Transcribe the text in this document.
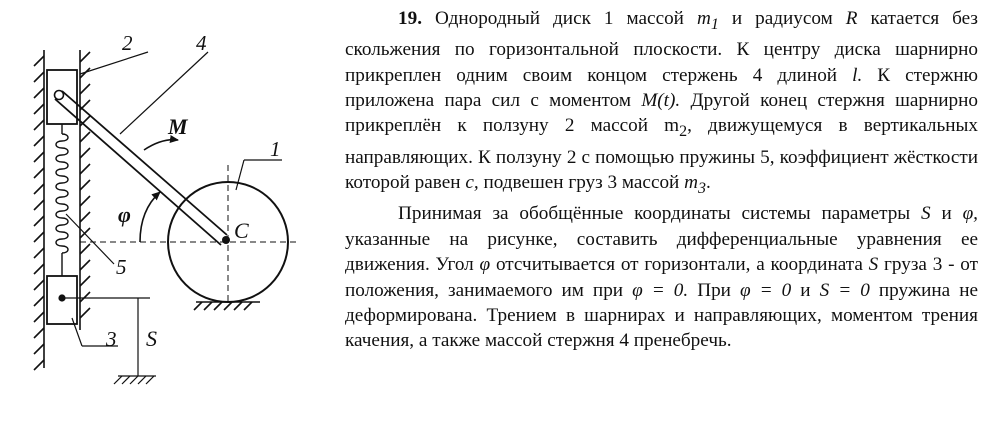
2	4
1
M
φ
C
5
3 S

19. Однородный диск 1 массой $m_1$ и радиусом R катается без скольжения по горизонтальной плоскости. К центру диска шарнирно прикреплен одним своим концом стержень 4 длиной l. К стержню приложена пара сил с моментом M(t). Другой конец стержня шарнирно прикреплён к ползуну 2 массой $m_2$, движущемуся в вертикальных направляющих. К ползуну 2 с помощью пружины 5, коэффициент жёсткости которой равен c, подвешен груз 3 массой $m_3$.

Принимая за обобщённые координаты системы параметры S и φ, указанные на рисунке, составить дифференциальные уравнения ее движения. Угол φ отсчитывается от горизонтали, а координата S груза 3 - от положения, занимаемого им при φ = 0. При φ = 0 и S = 0 пружина не деформирована. Трением в шарнирах и направляющих, моментом трения качения, а также массой стержня 4 пренебречь.
